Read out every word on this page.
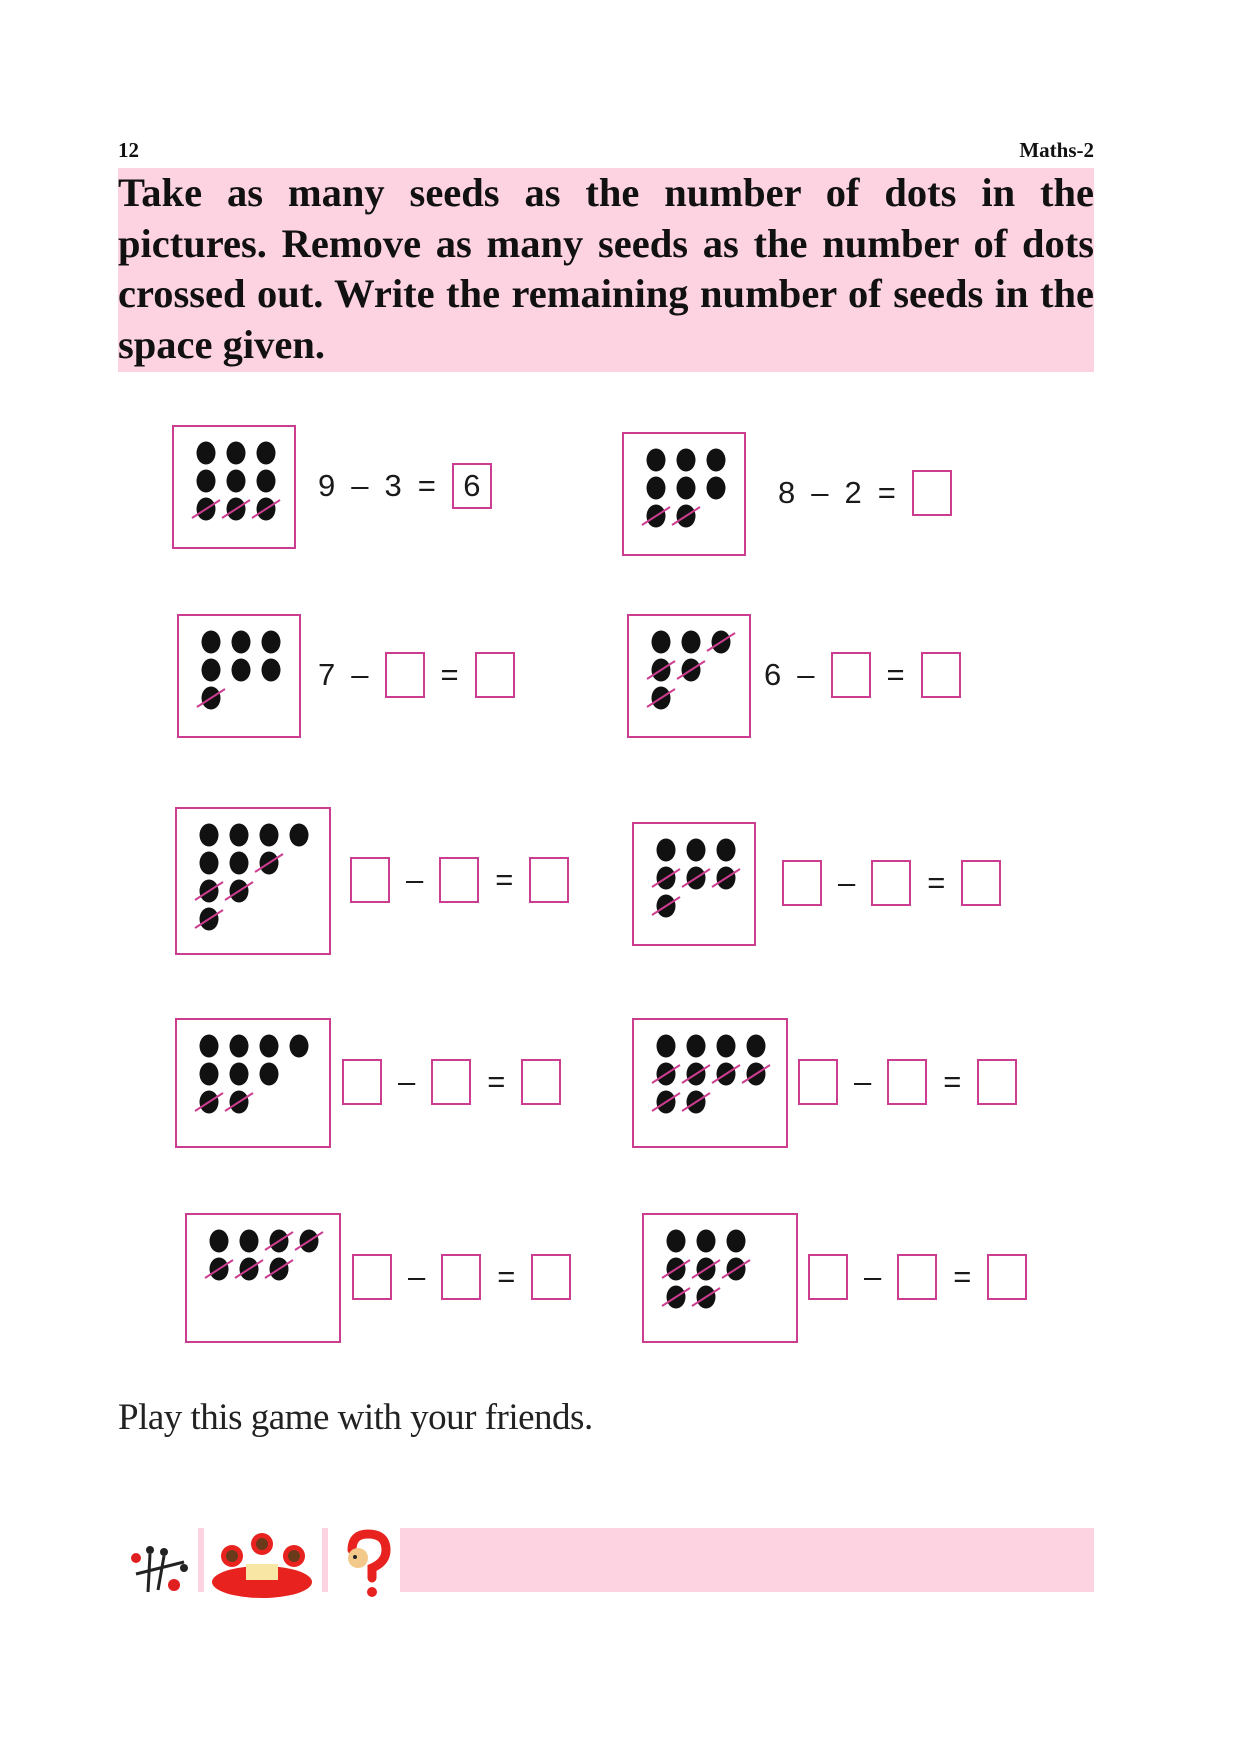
12	Maths-2
Take as many seeds as the number of dots in the pictures. Remove as many seeds as the number of dots crossed out. Write the remaining number of seeds in the space given.
9 – 3 = 6	8 – 2 =
7 – =	6 – =
– =	– =
– =	– =
– =	– =
Play this game with your friends.
